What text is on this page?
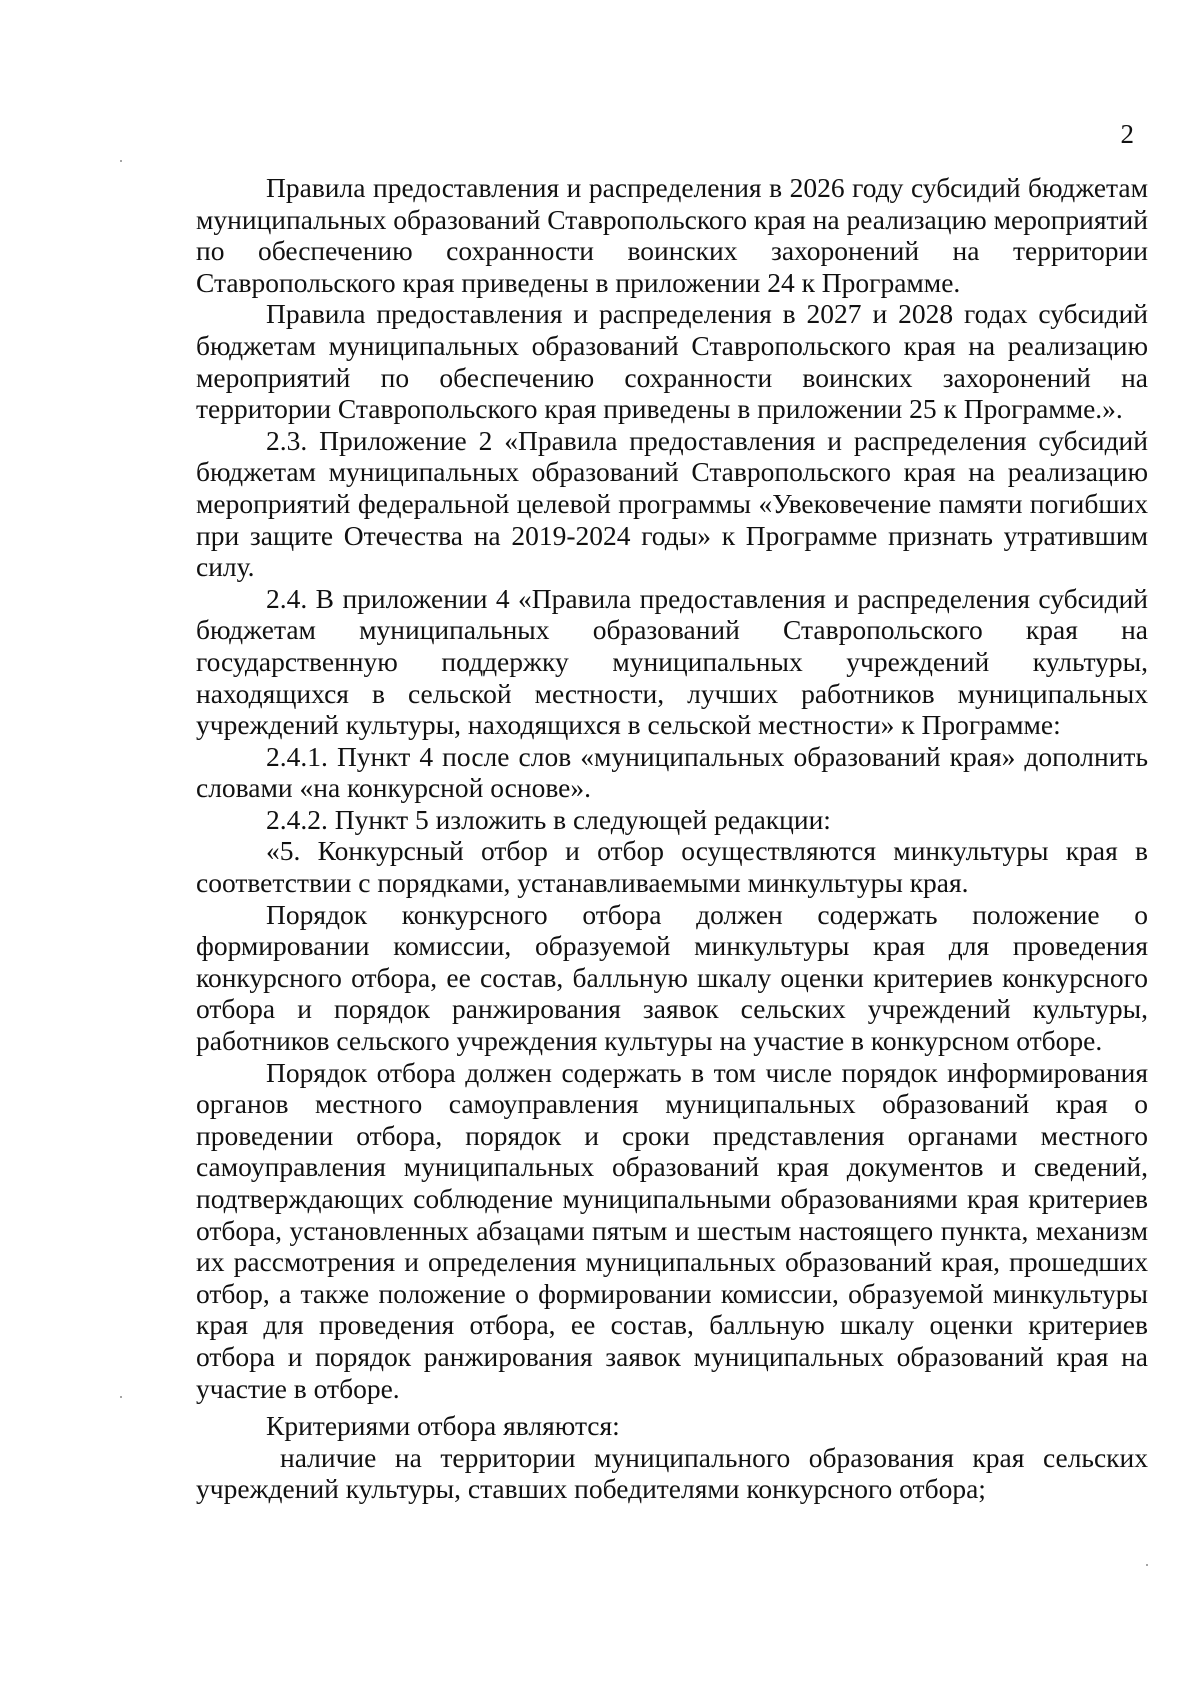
2

Правила предоставления и распределения в 2026 году субсидий бюджетам муниципальных образований Ставропольского края на реализацию мероприятий по обеспечению сохранности воинских захоронений на территории Ставропольского края приведены в приложении 24 к Программе.

Правила предоставления и распределения в 2027 и 2028 годах субсидий бюджетам муниципальных образований Ставропольского края на реализацию мероприятий по обеспечению сохранности воинских захоронений на территории Ставропольского края приведены в приложении 25 к Программе.».

2.3. Приложение 2 «Правила предоставления и распределения субсидий бюджетам муниципальных образований Ставропольского края на реализацию мероприятий федеральной целевой программы «Увековечение памяти погибших при защите Отечества на 2019-2024 годы» к Программе признать утратившим силу.

2.4. В приложении 4 «Правила предоставления и распределения субсидий бюджетам муниципальных образований Ставропольского края на государственную поддержку муниципальных учреждений культуры, находящихся в сельской местности, лучших работников муниципальных учреждений культуры, находящихся в сельской местности» к Программе:

2.4.1. Пункт 4 после слов «муниципальных образований края» дополнить словами «на конкурсной основе».

2.4.2. Пункт 5 изложить в следующей редакции:

«5. Конкурсный отбор и отбор осуществляются минкультуры края в соответствии с порядками, устанавливаемыми минкультуры края.

Порядок конкурсного отбора должен содержать положение о формировании комиссии, образуемой минкультуры края для проведения конкурсного отбора, ее состав, балльную шкалу оценки критериев конкурсного отбора и порядок ранжирования заявок сельских учреждений культуры, работников сельского учреждения культуры на участие в конкурсном отборе.

Порядок отбора должен содержать в том числе порядок информирования органов местного самоуправления муниципальных образований края о проведении отбора, порядок и сроки представления органами местного самоуправления муниципальных образований края документов и сведений, подтверждающих соблюдение муниципальными образованиями края критериев отбора, установленных абзацами пятым и шестым настоящего пункта, механизм их рассмотрения и определения муниципальных образований края, прошедших отбор, а также положение о формировании комиссии, образуемой минкультуры края для проведения отбора, ее состав, балльную шкалу оценки критериев отбора и порядок ранжирования заявок муниципальных образований края на участие в отборе.

Критериями отбора являются:

наличие на территории муниципального образования края сельских учреждений культуры, ставших победителями конкурсного отбора;
